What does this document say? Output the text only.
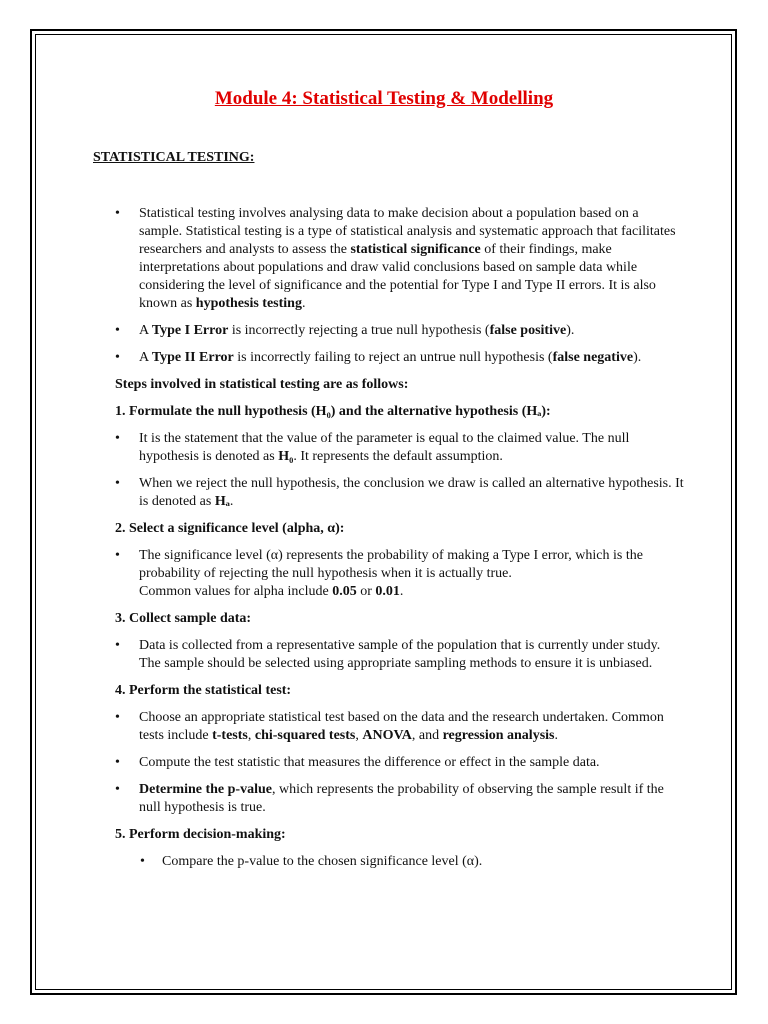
Module 4: Statistical Testing & Modelling
STATISTICAL TESTING:
• Statistical testing involves analysing data to make decision about a population based on a sample. Statistical testing is a type of statistical analysis and systematic approach that facilitates researchers and analysts to assess the statistical significance of their findings, make interpretations about populations and draw valid conclusions based on sample data while considering the level of significance and the potential for Type I and Type II errors. It is also known as hypothesis testing.
• A Type I Error is incorrectly rejecting a true null hypothesis (false positive).
• A Type II Error is incorrectly failing to reject an untrue null hypothesis (false negative).
Steps involved in statistical testing are as follows:
1. Formulate the null hypothesis (H₀) and the alternative hypothesis (Hₐ):
• It is the statement that the value of the parameter is equal to the claimed value. The null hypothesis is denoted as H₀. It represents the default assumption.
• When we reject the null hypothesis, the conclusion we draw is called an alternative hypothesis. It is denoted as Hₐ.
2. Select a significance level (alpha, α):
• The significance level (α) represents the probability of making a Type I error, which is the probability of rejecting the null hypothesis when it is actually true.
Common values for alpha include 0.05 or 0.01.
3. Collect sample data:
• Data is collected from a representative sample of the population that is currently under study. The sample should be selected using appropriate sampling methods to ensure it is unbiased.
4. Perform the statistical test:
• Choose an appropriate statistical test based on the data and the research undertaken. Common tests include t-tests, chi-squared tests, ANOVA, and regression analysis.
• Compute the test statistic that measures the difference or effect in the sample data.
• Determine the p-value, which represents the probability of observing the sample result if the null hypothesis is true.
5. Perform decision-making:
• Compare the p-value to the chosen significance level (α).
